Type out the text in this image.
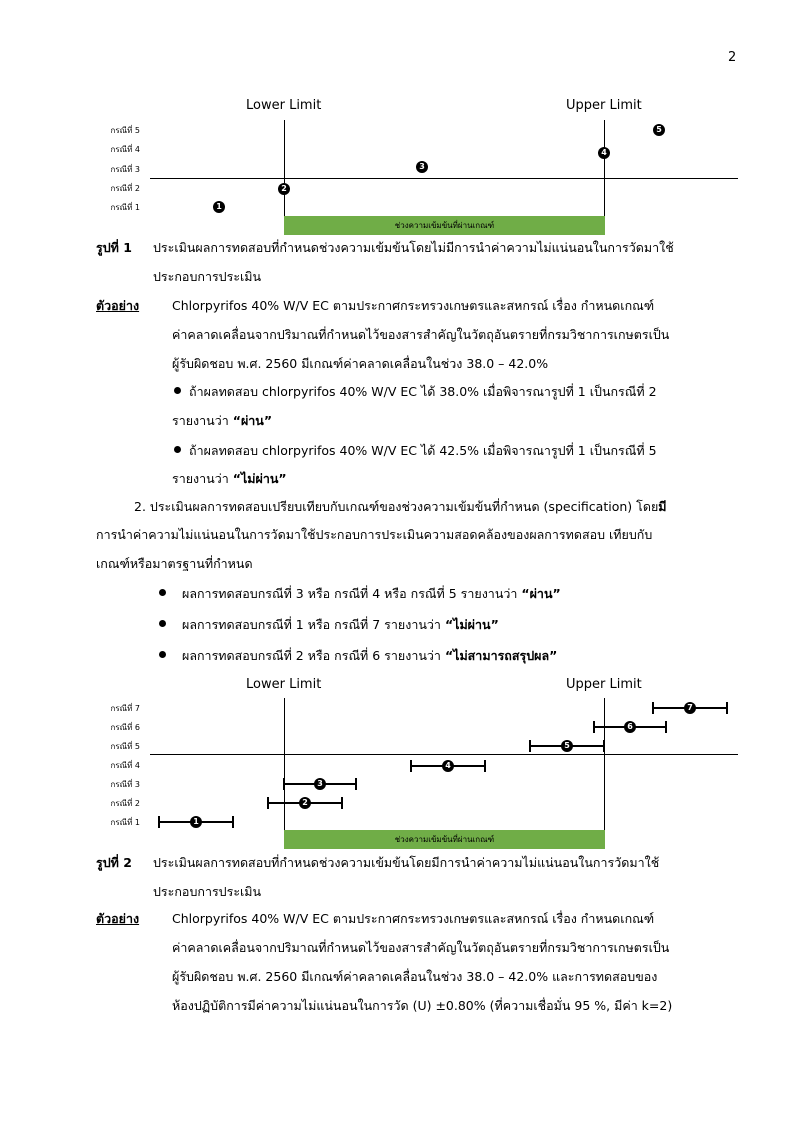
2
Lower Limit	Upper Limit
กรณีที่ 5
กรณีที่ 4
กรณีที่ 3
กรณีที่ 2
กรณีที่ 1
ช่วงความเข้มข้นที่ผ่านเกณฑ์
1
2
3
4
5
รูปที่ 1 ประเมินผลการทดสอบที่กำหนดช่วงความเข้มข้นโดยไม่มีการนำค่าความไม่แน่นอนในการวัดมาใช้
ประกอบการประเมิน
ตัวอย่าง	Chlorpyrifos 40% W/V EC ตามประกาศกระทรวงเกษตรและสหกรณ์ เรื่อง กำหนดเกณฑ์
ค่าคลาดเคลื่อนจากปริมาณที่กำหนดไว้ของสารสำคัญในวัตถุอันตรายที่กรมวิชาการเกษตรเป็น
ผู้รับผิดชอบ พ.ศ. 2560 มีเกณฑ์ค่าคลาดเคลื่อนในช่วง 38.0 – 42.0%
ถ้าผลทดสอบ chlorpyrifos 40% W/V EC ได้ 38.0% เมื่อพิจารณารูปที่ 1 เป็นกรณีที่ 2
รายงานว่า “ผ่าน”
ถ้าผลทดสอบ chlorpyrifos 40% W/V EC ได้ 42.5% เมื่อพิจารณารูปที่ 1 เป็นกรณีที่ 5
รายงานว่า “ไม่ผ่าน”
2. ประเมินผลการทดสอบเปรียบเทียบกับเกณฑ์ของช่วงความเข้มข้นที่กำหนด (specification) โดยมี
การนำค่าความไม่แน่นอนในการวัดมาใช้ประกอบการประเมินความสอดคล้องของผลการทดสอบ เทียบกับ
เกณฑ์หรือมาตรฐานที่กำหนด
ผลการทดสอบกรณีที่ 3 หรือ กรณีที่ 4 หรือ กรณีที่ 5 รายงานว่า “ผ่าน”
ผลการทดสอบกรณีที่ 1 หรือ กรณีที่ 7 รายงานว่า “ไม่ผ่าน”
ผลการทดสอบกรณีที่ 2 หรือ กรณีที่ 6 รายงานว่า “ไม่สามารถสรุปผล”
Lower Limit	Upper Limit
กรณีที่ 7
กรณีที่ 6
กรณีที่ 5
กรณีที่ 4
กรณีที่ 3
กรณีที่ 2
กรณีที่ 1
ช่วงความเข้มข้นที่ผ่านเกณฑ์
7
6
5
4
3
2
1
รูปที่ 2 ประเมินผลการทดสอบที่กำหนดช่วงความเข้มข้นโดยมีการนำค่าความไม่แน่นอนในการวัดมาใช้
ประกอบการประเมิน
ตัวอย่าง	Chlorpyrifos 40% W/V EC ตามประกาศกระทรวงเกษตรและสหกรณ์ เรื่อง กำหนดเกณฑ์
ค่าคลาดเคลื่อนจากปริมาณที่กำหนดไว้ของสารสำคัญในวัตถุอันตรายที่กรมวิชาการเกษตรเป็น
ผู้รับผิดชอบ พ.ศ. 2560 มีเกณฑ์ค่าคลาดเคลื่อนในช่วง 38.0 – 42.0% และการทดสอบของ
ห้องปฏิบัติการมีค่าความไม่แน่นอนในการวัด (U) ±0.80% (ที่ความเชื่อมั่น 95 %, มีค่า k=2)
